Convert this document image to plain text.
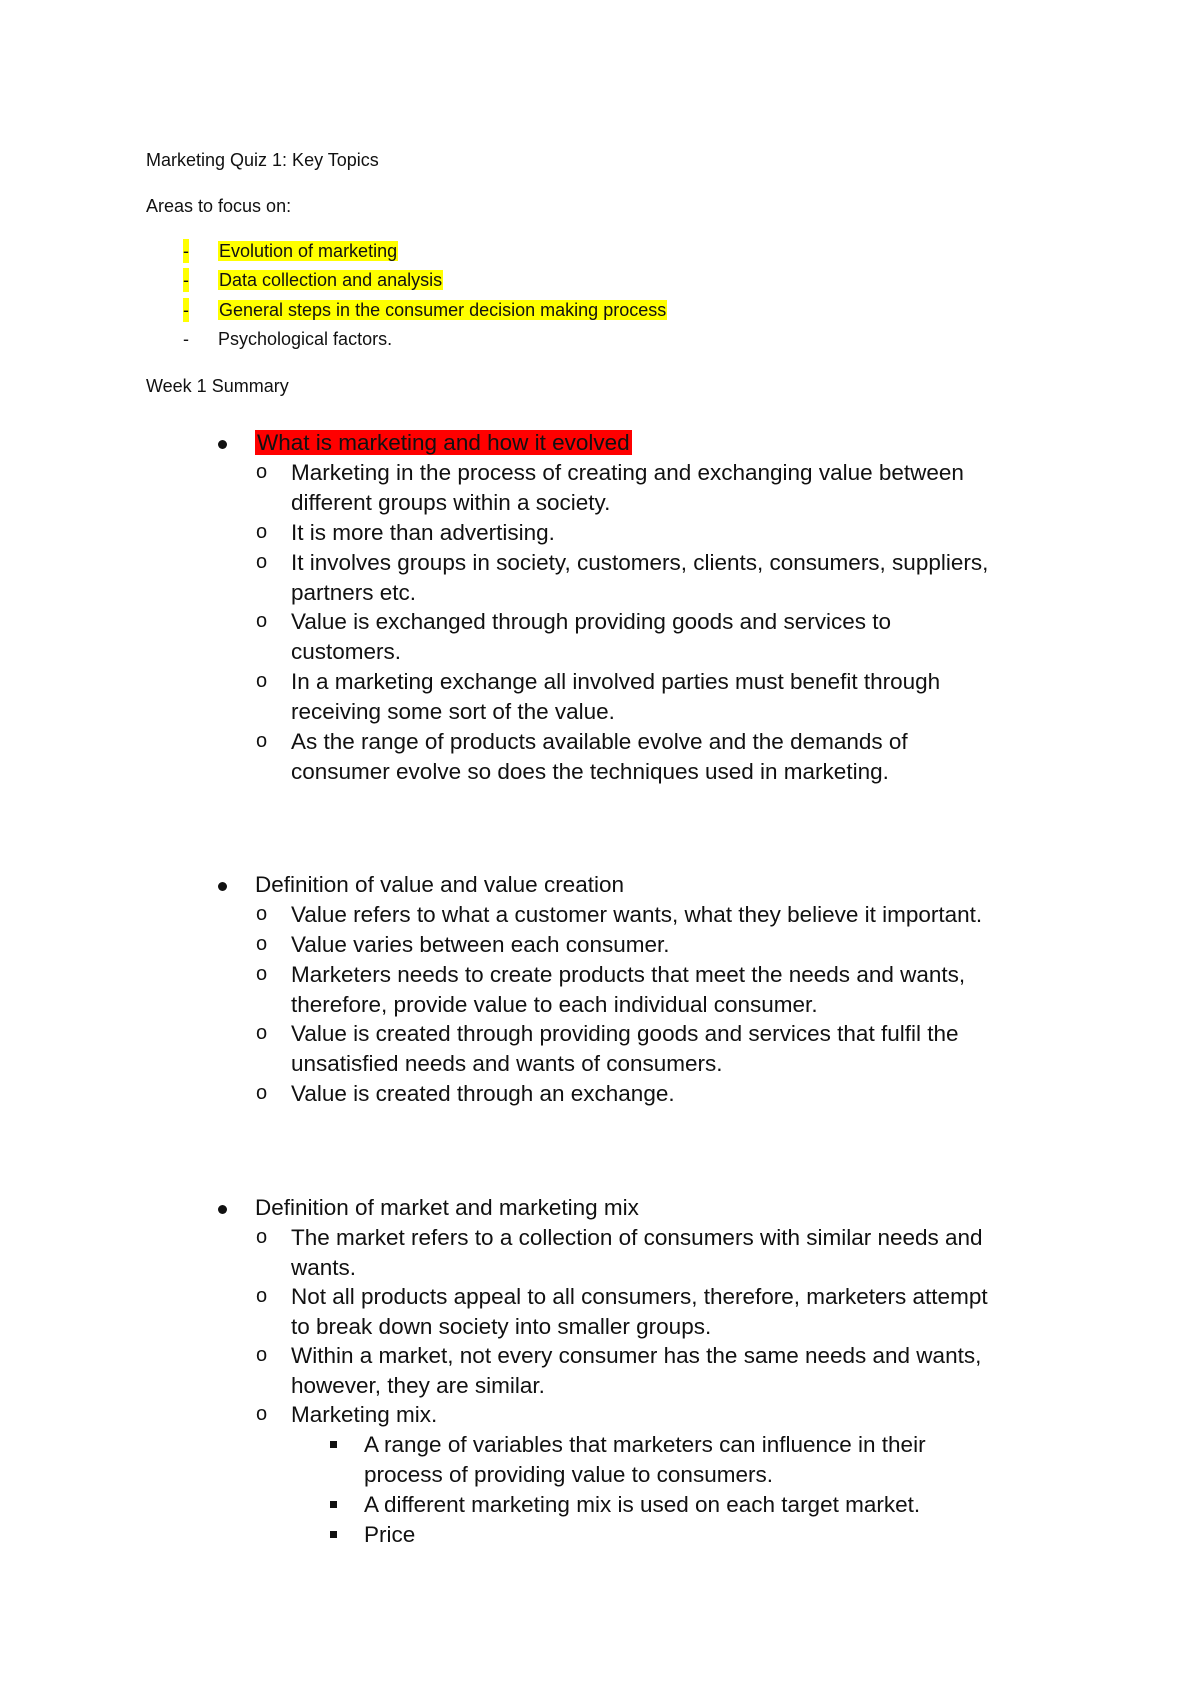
Marketing Quiz 1: Key Topics
Areas to focus on:
- Evolution of marketing
- Data collection and analysis
- General steps in the consumer decision making process
- Psychological factors.
Week 1 Summary
What is marketing and how it evolved
o Marketing in the process of creating and exchanging value between
different groups within a society.
o It is more than advertising.
o It involves groups in society, customers, clients, consumers, suppliers,
partners etc.
o Value is exchanged through providing goods and services to
customers.
o In a marketing exchange all involved parties must benefit through
receiving some sort of the value.
o As the range of products available evolve and the demands of
consumer evolve so does the techniques used in marketing.
Definition of value and value creation
o Value refers to what a customer wants, what they believe it important.
o Value varies between each consumer.
o Marketers needs to create products that meet the needs and wants,
therefore, provide value to each individual consumer.
o Value is created through providing goods and services that fulfil the
unsatisfied needs and wants of consumers.
o Value is created through an exchange.
Definition of market and marketing mix
o The market refers to a collection of consumers with similar needs and
wants.
o Not all products appeal to all consumers, therefore, marketers attempt
to break down society into smaller groups.
o Within a market, not every consumer has the same needs and wants,
however, they are similar.
o Marketing mix.
A range of variables that marketers can influence in their
process of providing value to consumers.
A different marketing mix is used on each target market.
Price
